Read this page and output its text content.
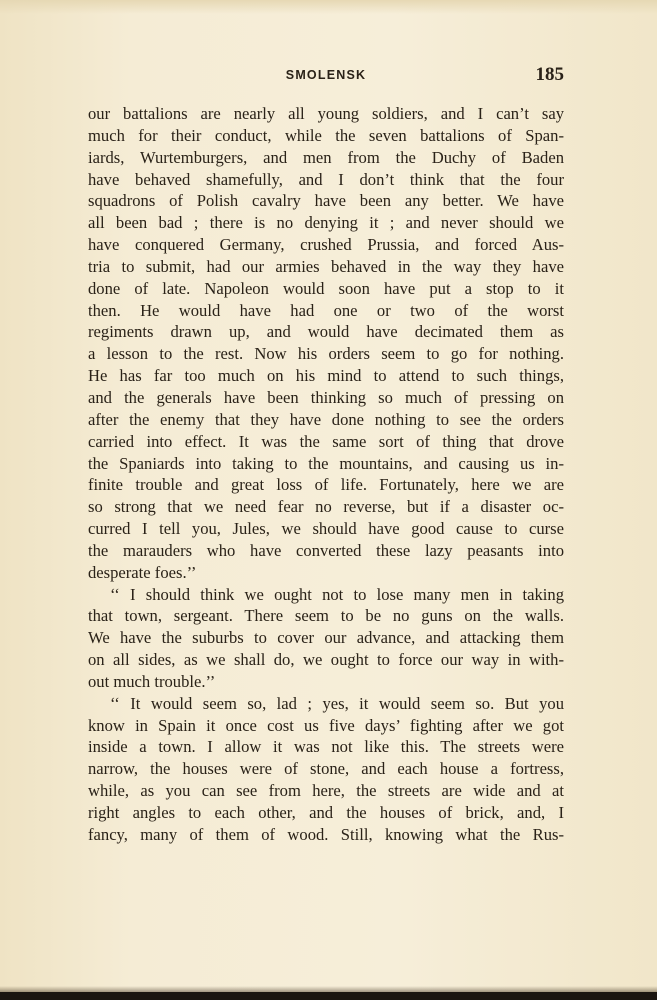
SMOLENSK	185
our battalions are nearly all young soldiers, and I can’t say
much for their conduct, while the seven battalions of Span-
iards, Wurtemburgers, and men from the Duchy of Baden
have behaved shamefully, and I don’t think that the four
squadrons of Polish cavalry have been any better. We have
all been bad ; there is no denying it ; and never should we
have conquered Germany, crushed Prussia, and forced Aus-
tria to submit, had our armies behaved in the way they have
done of late. Napoleon would soon have put a stop to it
then. He would have had one or two of the worst
regiments drawn up, and would have decimated them as
a lesson to the rest. Now his orders seem to go for nothing.
He has far too much on his mind to attend to such things,
and the generals have been thinking so much of pressing on
after the enemy that they have done nothing to see the orders
carried into effect. It was the same sort of thing that drove
the Spaniards into taking to the mountains, and causing us in-
finite trouble and great loss of life. Fortunately, here we are
so strong that we need fear no reverse, but if a disaster oc-
curred I tell you, Jules, we should have good cause to curse
the marauders who have converted these lazy peasants into
desperate foes.’’
‘‘ I should think we ought not to lose many men in taking
that town, sergeant. There seem to be no guns on the walls.
We have the suburbs to cover our advance, and attacking them
on all sides, as we shall do, we ought to force our way in with-
out much trouble.’’
‘‘ It would seem so, lad ; yes, it would seem so. But you
know in Spain it once cost us five days’ fighting after we got
inside a town. I allow it was not like this. The streets were
narrow, the houses were of stone, and each house a fortress,
while, as you can see from here, the streets are wide and at
right angles to each other, and the houses of brick, and, I
fancy, many of them of wood. Still, knowing what the Rus-
